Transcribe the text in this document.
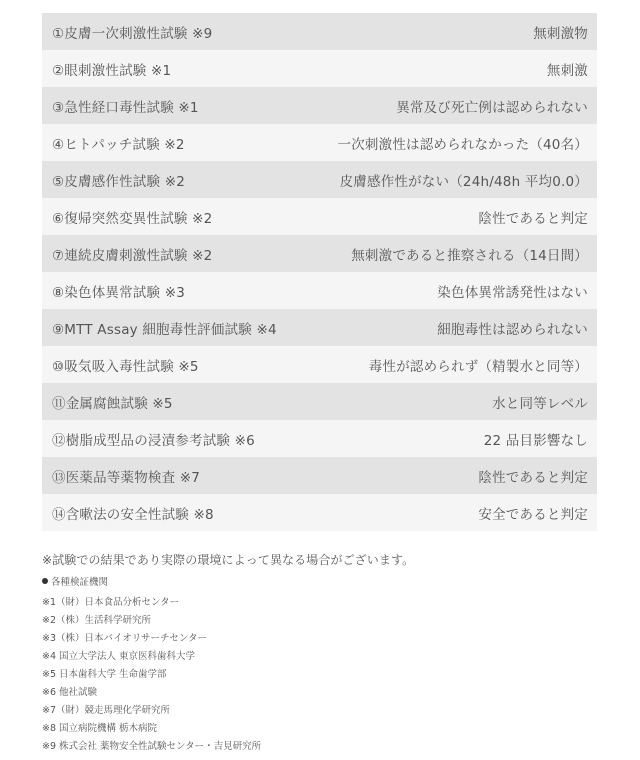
①皮膚一次刺激性試験 ※9	無刺激物
②眼刺激性試験 ※1	無刺激
③急性経口毒性試験 ※1	異常及び死亡例は認められない
④ヒトパッチ試験 ※2	一次刺激性は認められなかった（40名）
⑤皮膚感作性試験 ※2	皮膚感作性がない（24h/48h 平均0.0）
⑥復帰突然変異性試験 ※2	陰性であると判定
⑦連続皮膚刺激性試験 ※2	無刺激であると推察される（14日間）
⑧染色体異常試験 ※3	染色体異常誘発性はない
⑨MTT Assay 細胞毒性評価試験 ※4	細胞毒性は認められない
⑩吸気吸入毒性試験 ※5	毒性が認められず（精製水と同等）
⑪金属腐蝕試験 ※5	水と同等レベル
⑫樹脂成型品の浸漬参考試験 ※6	22 品目影響なし
⑬医薬品等薬物検査 ※7	陰性であると判定
⑭含嗽法の安全性試験 ※8	安全であると判定

※試験での結果であり実際の環境によって異なる場合がございます。

各種検証機関
※1（財）日本食品分析センター
※2（株）生活科学研究所
※3（株）日本バイオリサーチセンター
※4 国立大学法人 東京医科歯科大学
※5 日本歯科大学 生命歯学部
※6 他社試験
※7（財）競走馬理化学研究所
※8 国立病院機構 栃木病院
※9 株式会社 薬物安全性試験センター・吉見研究所
